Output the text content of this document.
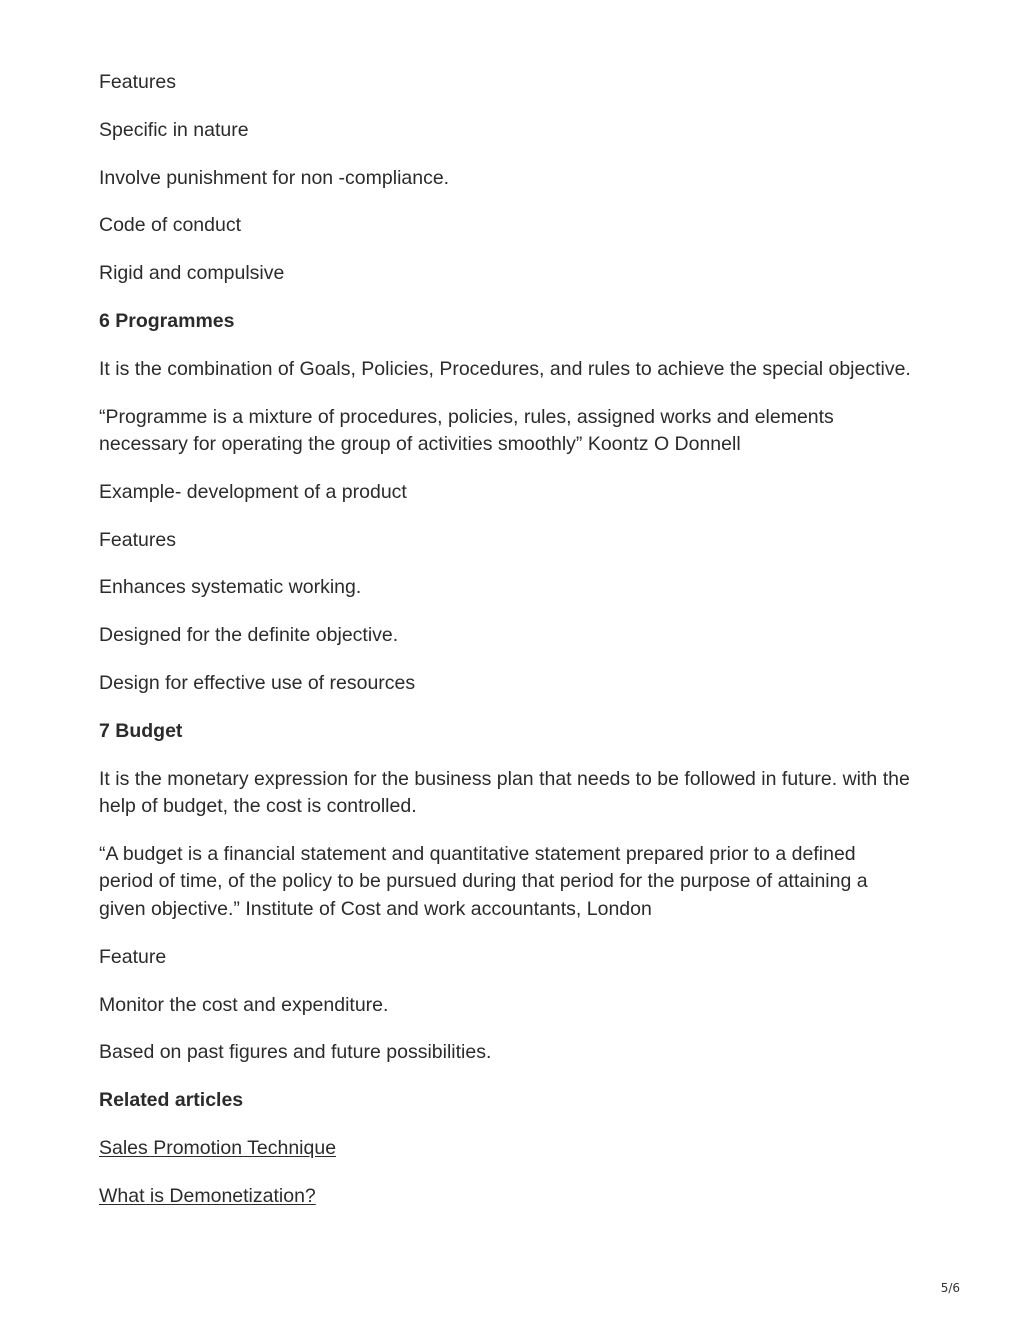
Features

Specific in nature

Involve punishment for non -compliance.

Code of conduct

Rigid and compulsive

6 Programmes

It is the combination of Goals, Policies, Procedures, and rules to achieve the special objective.

“Programme is a mixture of procedures, policies, rules, assigned works and elements necessary for operating the group of activities smoothly” Koontz O Donnell

Example- development of a product

Features

Enhances systematic working.

Designed for the definite objective.

Design for effective use of resources

7 Budget

It is the monetary expression for the business plan that needs to be followed in future. with the help of budget, the cost is controlled.

“A budget is a financial statement and quantitative statement prepared prior to a defined period of time, of the policy to be pursued during that period for the purpose of attaining a given objective.” Institute of Cost and work accountants, London

Feature

Monitor the cost and expenditure.

Based on past figures and future possibilities.

Related articles

Sales Promotion Technique

What is Demonetization?

5/6
